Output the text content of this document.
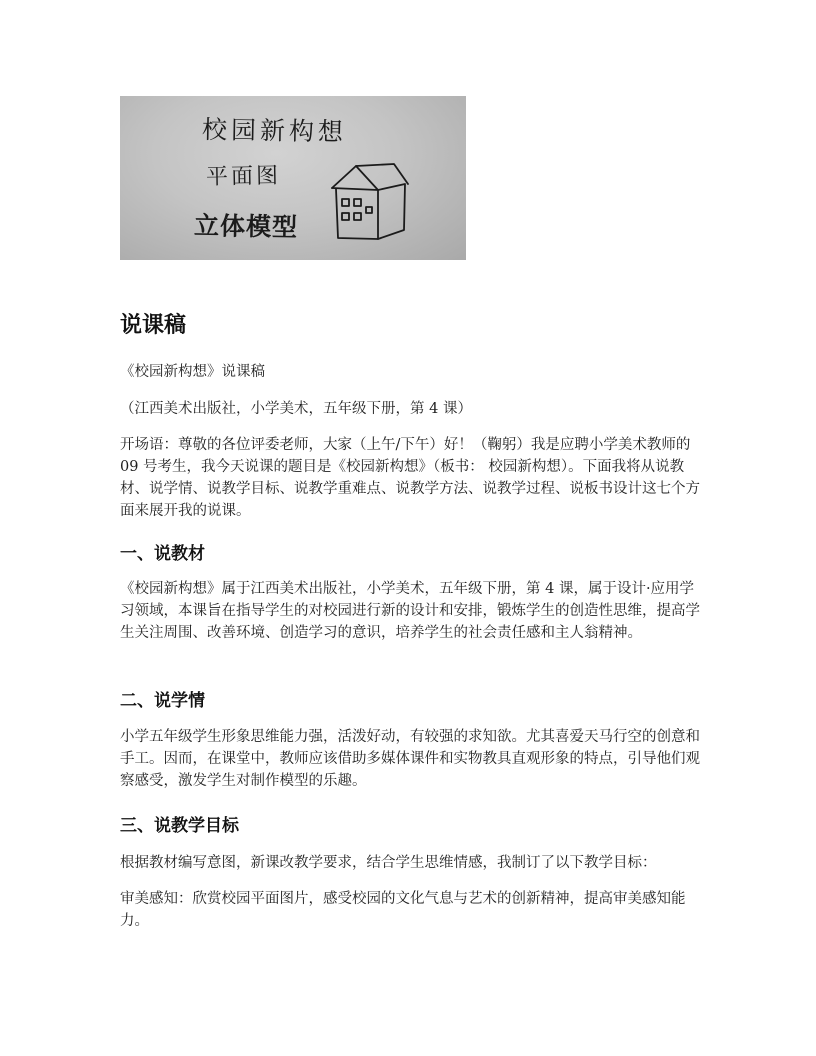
校园新构想
平面图
立体模型
说课稿

《校园新构想》说课稿

（江西美术出版社，小学美术，五年级下册，第 4 课）

开场语：尊敬的各位评委老师，大家（上午/下午）好！（鞠躬）我是应聘小学美术教师的 09 号考生，我今天说课的题目是《校园新构想》（板书： 校园新构想）。下面我将从说教材、说学情、说教学目标、说教学重难点、说教学方法、说教学过程、说板书设计这七个方面来展开我的说课。

一、说教材

《校园新构想》属于江西美术出版社，小学美术，五年级下册，第 4 课，属于设计·应用学习领域，本课旨在指导学生的对校园进行新的设计和安排，锻炼学生的创造性思维，提高学生关注周围、改善环境、创造学习的意识，培养学生的社会责任感和主人翁精神。

二、说学情

小学五年级学生形象思维能力强，活泼好动，有较强的求知欲。尤其喜爱天马行空的创意和手工。因而，在课堂中，教师应该借助多媒体课件和实物教具直观形象的特点，引导他们观察感受，激发学生对制作模型的乐趣。

三、说教学目标

根据教材编写意图，新课改教学要求，结合学生思维情感，我制订了以下教学目标：

审美感知：欣赏校园平面图片，感受校园的文化气息与艺术的创新精神，提高审美感知能力。
